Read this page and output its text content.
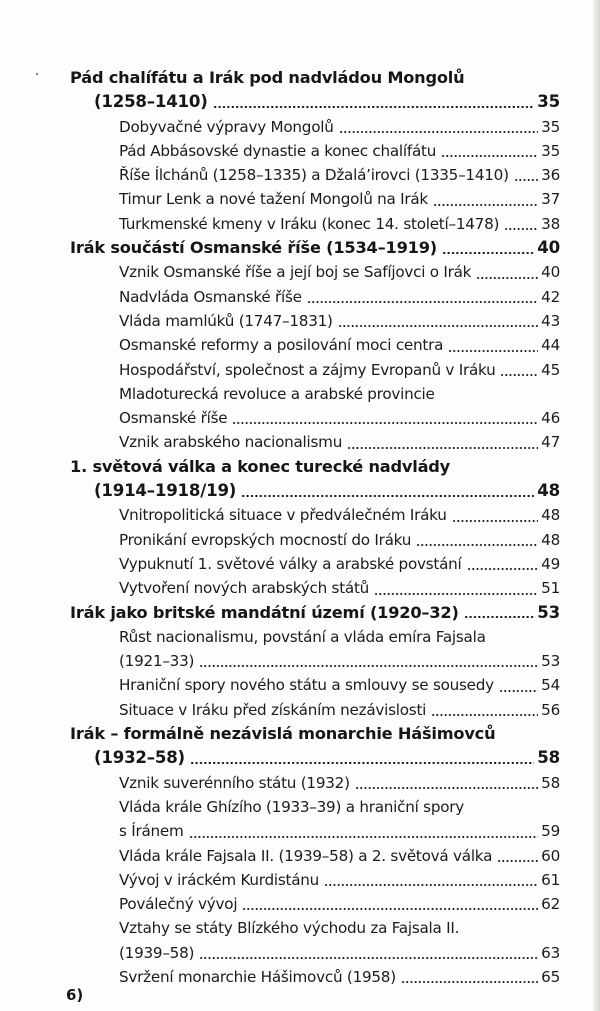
Pád chalífátu a Irák pod nadvládou Mongolů
(1258–1410)	35
Dobyvačné výpravy Mongolů	35
Pád Abbásovské dynastie a konec chalífátu	35
Říše Ílchánů (1258–1335) a Džalá’irovci (1335–1410) 36
Timur Lenk a nové tažení Mongolů na Irák	37
Turkmenské kmeny v Iráku (konec 14. století–1478)	38
Irák součástí Osmanské říše (1534–1919)	40
Vznik Osmanské říše a její boj se Safíjovci o Irák	40
Nadvláda Osmanské říše	42
Vláda mamlúků (1747–1831)	43
Osmanské reformy a posilování moci centra	44
Hospodářství, společnost a zájmy Evropanů v Iráku	45
Mladoturecká revoluce a arabské provincie
Osmanské říše	46
Vznik arabského nacionalismu	47
1. světová válka a konec turecké nadvlády
(1914–1918/19)	48
Vnitropolitická situace v předválečném Iráku	48
Pronikání evropských mocností do Iráku	48
Vypuknutí 1. světové války a arabské povstání	49
Vytvoření nových arabských států	51
Irák jako britské mandátní území (1920–32)	53
Růst nacionalismu, povstání a vláda emíra Fajsala
(1921–33)	53
Hraniční spory nového státu a smlouvy se sousedy	54
Situace v Iráku před získáním nezávislosti	56
Irák – formálně nezávislá monarchie Hášimovců
(1932–58)	58
Vznik suverénního státu (1932)	58
Vláda krále Ghízího (1933–39) a hraniční spory
s Íránem	59
Vláda krále Fajsala II. (1939–58) a 2. světová válka	60
Vývoj v iráckém Kurdistánu	61
Poválečný vývoj	62
Vztahy se státy Blízkého východu za Fajsala II.
(1939–58)	63
Svržení monarchie Hášimovců (1958)	65
6)
